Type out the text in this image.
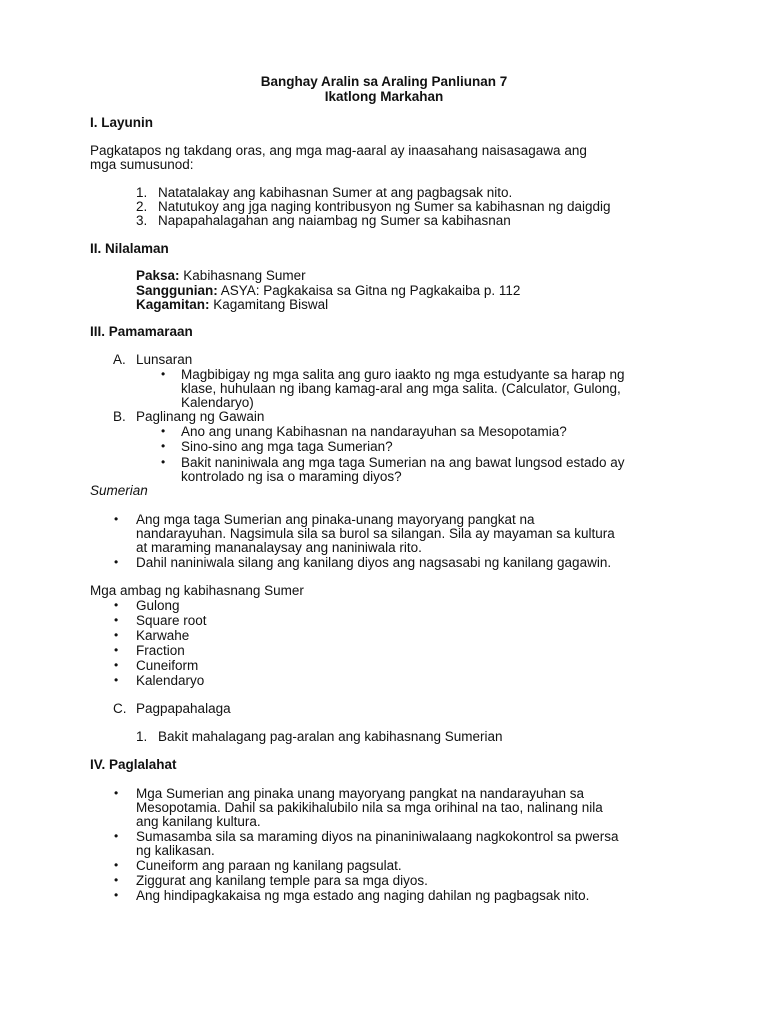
Banghay Aralin sa Araling Panliunan 7
Ikatlong Markahan
I. Layunin
Pagkatapos ng takdang oras, ang mga mag-aaral ay inaasahang naisasagawa ang
mga sumusunod:
1. Natatalakay ang kabihasnan Sumer at ang pagbagsak nito.
2. Natutukoy ang jga naging kontribusyon ng Sumer sa kabihasnan ng daigdig
3. Napapahalagahan ang naiambag ng Sumer sa kabihasnan
II. Nilalaman
Paksa: Kabihasnang Sumer
Sanggunian: ASYA: Pagkakaisa sa Gitna ng Pagkakaiba p. 112
Kagamitan: Kagamitang Biswal
III. Pamamaraan
A. Lunsaran
• Magbibigay ng mga salita ang guro iaakto ng mga estudyante sa harap ng
klase, huhulaan ng ibang kamag-aral ang mga salita. (Calculator, Gulong,
Kalendaryo)
B. Paglinang ng Gawain
• Ano ang unang Kabihasnan na nandarayuhan sa Mesopotamia?
• Sino-sino ang mga taga Sumerian?
• Bakit naniniwala ang mga taga Sumerian na ang bawat lungsod estado ay
kontrolado ng isa o maraming diyos?
Sumerian
• Ang mga taga Sumerian ang pinaka-unang mayoryang pangkat na
nandarayuhan. Nagsimula sila sa burol sa silangan. Sila ay mayaman sa kultura
at maraming mananalaysay ang naniniwala rito.
• Dahil naniniwala silang ang kanilang diyos ang nagsasabi ng kanilang gagawin.
Mga ambag ng kabihasnang Sumer
• Gulong
• Square root
• Karwahe
• Fraction
• Cuneiform
• Kalendaryo
C. Pagpapahalaga
1. Bakit mahalagang pag-aralan ang kabihasnang Sumerian
IV. Paglalahat
• Mga Sumerian ang pinaka unang mayoryang pangkat na nandarayuhan sa
Mesopotamia. Dahil sa pakikihalubilo nila sa mga orihinal na tao, nalinang nila
ang kanilang kultura.
• Sumasamba sila sa maraming diyos na pinaniniwalaang nagkokontrol sa pwersa
ng kalikasan.
• Cuneiform ang paraan ng kanilang pagsulat.
• Ziggurat ang kanilang temple para sa mga diyos.
• Ang hindipagkakaisa ng mga estado ang naging dahilan ng pagbagsak nito.
